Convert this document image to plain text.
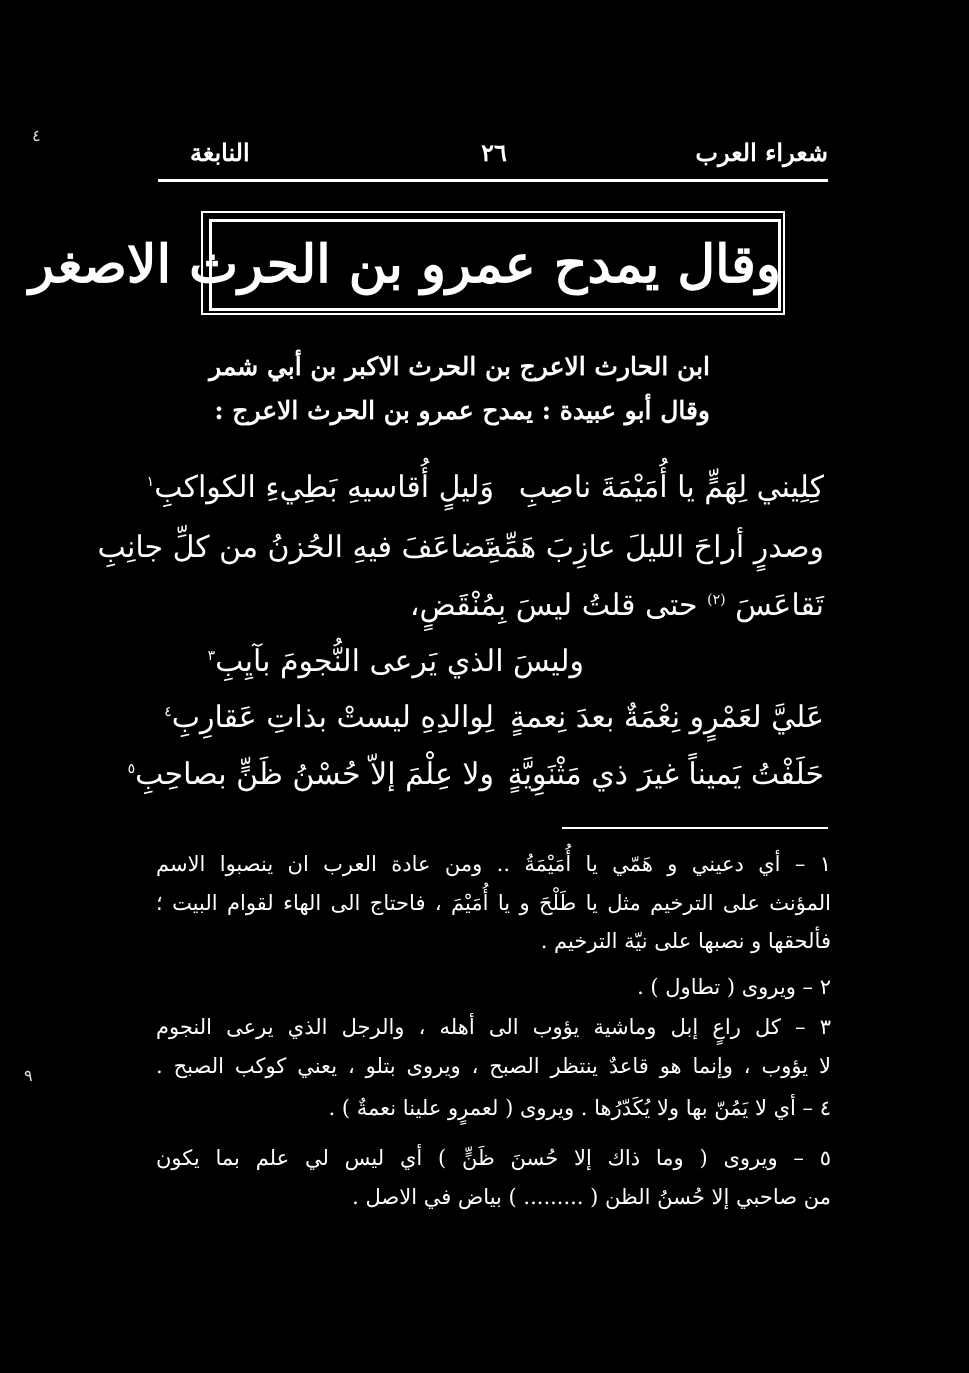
شعراء العرب
٢٦
النابغة
وقال يمدح عمرو بن الحرث الاصغر
ابن الحارث الاعرج بن الحرث الاكبر بن أبي شمر
وقال أبو عبيدة : يمدح عمرو بن الحرث الاعرج :
كِلِيني لِهَمٍّ يا أُمَيْمَةَ ناصِبِ
وَليلٍ أُقاسيهِ بَطِيءِ الكواكبِ$^١$
وصدرٍ أراحَ الليلَ عازِبَ هَمِّهِ
تَضاعَفَ فيهِ الحُزنُ من كلِّ جانِبِ
تَقاعَسَ $^{(٢)}$ حتى قلتُ ليسَ بِمُنْقَضٍ،
وليسَ الذي يَرعى النُّجومَ بآيِبِ$^٣$
عَليَّ لعَمْرٍو نِعْمَةٌ بعدَ نِعمةٍ
لِوالدِهِ ليستْ بذاتِ عَقارِبِ$^٤$
حَلَفْتُ يَميناً غيرَ ذي مَثْنَوِيَّةٍ
ولا عِلْمَ إلاّ حُسْنُ ظَنٍّ بصاحِبِ$^٥$
١ – أي دعيني و هَمّي يا أُمَيْمَةُ .. ومن عادة العرب ان ينصبوا الاسم
المؤنث على الترخيم مثل يا طَلْحَ و يا أُمَيْمَ ، فاحتاج الى الهاء لقوام البيت ؛
فألحقها و نصبها على نيّة الترخيم .
٢ – ويروى ( تطاول ) .
٣ – كل راعٍ إبل وماشية يؤوب الى أهله ، والرجل الذي يرعى النجوم
لا يؤوب ، وإنما هو قاعدٌ ينتظر الصبح ، ويروى بتلو ، يعني كوكب الصبح .
٤ – أي لا يَمُنّ بها ولا يُكَدّرُها . ويروى ( لعمرٍو علينا نعمةٌ ) .
٥ – ويروى ( وما ذاك إلا حُسنَ ظَنٍّ ) أي ليس لي علم بما يكون
من صاحبي إلا حُسنُ الظن ( ......... ) بياض في الاصل .
٤
٩
